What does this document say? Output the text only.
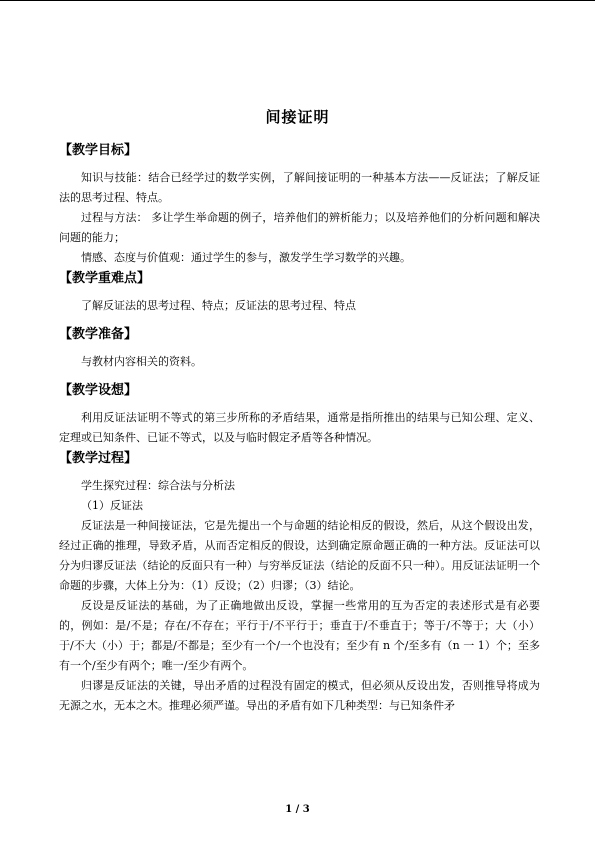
间接证明

【教学目标】

知识与技能：结合已经学过的数学实例，了解间接证明的一种基本方法——反证法；了解反证法的思考过程、特点。

过程与方法： 多让学生举命题的例子，培养他们的辨析能力；以及培养他们的分析问题和解决问题的能力；

情感、态度与价值观：通过学生的参与，激发学生学习数学的兴趣。

【教学重难点】

了解反证法的思考过程、特点；反证法的思考过程、特点

【教学准备】

与教材内容相关的资料。

【教学设想】

利用反证法证明不等式的第三步所称的矛盾结果，通常是指所推出的结果与已知公理、定义、定理或已知条件、已证不等式，以及与临时假定矛盾等各种情况。

【教学过程】

学生探究过程：综合法与分析法

（1）反证法

反证法是一种间接证法，它是先提出一个与命题的结论相反的假设，然后，从这个假设出发，经过正确的推理，导致矛盾，从而否定相反的假设，达到确定原命题正确的一种方法。反证法可以分为归谬反证法（结论的反面只有一种）与穷举反证法（结论的反面不只一种）。用反证法证明一个命题的步骤，大体上分为：（1）反设；（2）归谬；（3）结论。

反设是反证法的基础，为了正确地做出反设，掌握一些常用的互为否定的表述形式是有必要的，例如：是/不是；存在/不存在；平行于/不平行于；垂直于/不垂直于；等于/不等于；大（小）于/不大（小）于；都是/不都是；至少有一个/一个也没有；至少有 n 个/至多有（n 一 1）个；至多有一个/至少有两个；唯一/至少有两个。

归谬是反证法的关键，导出矛盾的过程没有固定的模式，但必须从反设出发，否则推导将成为无源之水，无本之木。推理必须严谨。导出的矛盾有如下几种类型：与已知条件矛

1 / 3
